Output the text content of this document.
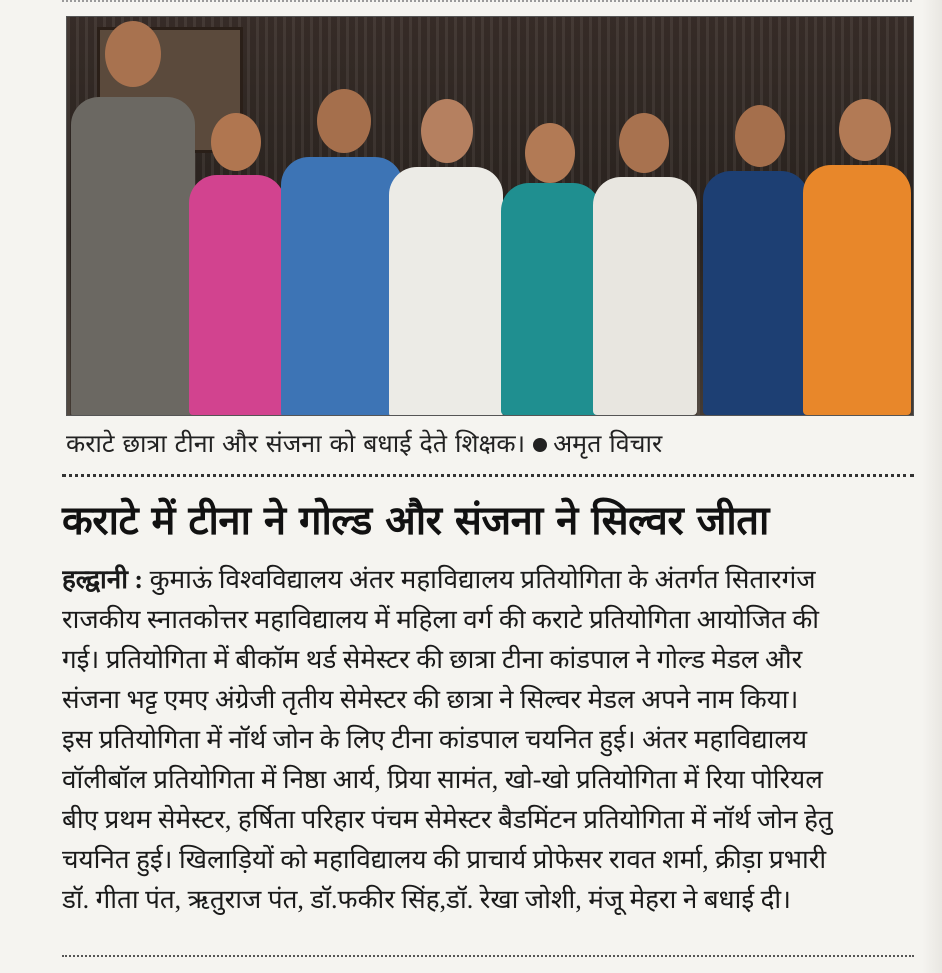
कराटे छात्रा टीना और संजना को बधाई देते शिक्षक। अमृत विचार
कराटे में टीना ने गोल्ड और संजना ने सिल्वर जीता
हल्द्वानी : कुमाऊं विश्वविद्यालय अंतर महाविद्यालय प्रतियोगिता के अंतर्गत सितारगंज
राजकीय स्नातकोत्तर महाविद्यालय में महिला वर्ग की कराटे प्रतियोगिता आयोजित की
गई। प्रतियोगिता में बीकॉम थर्ड सेमेस्टर की छात्रा टीना कांडपाल ने गोल्ड मेडल और
संजना भट्ट एमए अंग्रेजी तृतीय सेमेस्टर की छात्रा ने सिल्वर मेडल अपने नाम किया।
इस प्रतियोगिता में नॉर्थ जोन के लिए टीना कांडपाल चयनित हुई। अंतर महाविद्यालय
वॉलीबॉल प्रतियोगिता में निष्ठा आर्य, प्रिया सामंत, खो-खो प्रतियोगिता में रिया पोरियल
बीए प्रथम सेमेस्टर, हर्षिता परिहार पंचम सेमेस्टर बैडमिंटन प्रतियोगिता में नॉर्थ जोन हेतु
चयनित हुई। खिलाड़ियों को महाविद्यालय की प्राचार्य प्रोफेसर रावत शर्मा, क्रीड़ा प्रभारी
डॉ. गीता पंत, ऋतुराज पंत, डॉ.फकीर सिंह,डॉ. रेखा जोशी, मंजू मेहरा ने बधाई दी।
